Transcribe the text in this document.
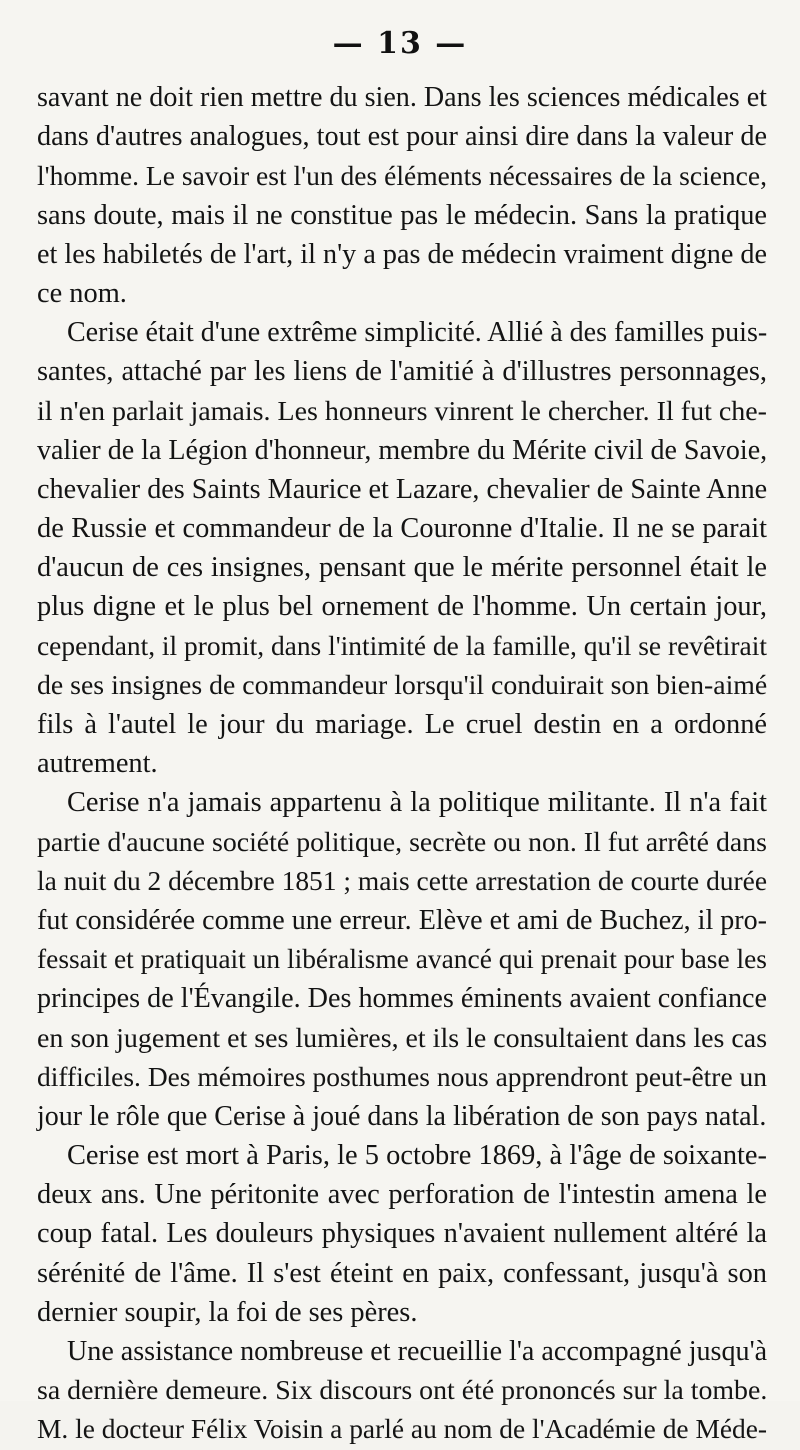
— 13 —
savant ne doit rien mettre du sien. Dans les sciences médicales et
dans d'autres analogues, tout est pour ainsi dire dans la valeur de
l'homme. Le savoir est l'un des éléments nécessaires de la science,
sans doute, mais il ne constitue pas le médecin. Sans la pratique
et les habiletés de l'art, il n'y a pas de médecin vraiment digne de
ce nom.
Cerise était d'une extrême simplicité. Allié à des familles puis-
santes, attaché par les liens de l'amitié à d'illustres personnages,
il n'en parlait jamais. Les honneurs vinrent le chercher. Il fut che-
valier de la Légion d'honneur, membre du Mérite civil de Savoie,
chevalier des Saints Maurice et Lazare, chevalier de Sainte Anne
de Russie et commandeur de la Couronne d'Italie. Il ne se parait
d'aucun de ces insignes, pensant que le mérite personnel était le
plus digne et le plus bel ornement de l'homme. Un certain jour,
cependant, il promit, dans l'intimité de la famille, qu'il se revêtirait
de ses insignes de commandeur lorsqu'il conduirait son bien-aimé
fils à l'autel le jour du mariage. Le cruel destin en a ordonné
autrement.
Cerise n'a jamais appartenu à la politique militante. Il n'a fait
partie d'aucune société politique, secrète ou non. Il fut arrêté dans
la nuit du 2 décembre 1851 ; mais cette arrestation de courte durée
fut considérée comme une erreur. Elève et ami de Buchez, il pro-
fessait et pratiquait un libéralisme avancé qui prenait pour base les
principes de l'Évangile. Des hommes éminents avaient confiance
en son jugement et ses lumières, et ils le consultaient dans les cas
difficiles. Des mémoires posthumes nous apprendront peut-être un
jour le rôle que Cerise à joué dans la libération de son pays natal.
Cerise est mort à Paris, le 5 octobre 1869, à l'âge de soixante-
deux ans. Une péritonite avec perforation de l'intestin amena le
coup fatal. Les douleurs physiques n'avaient nullement altéré la
sérénité de l'âme. Il s'est éteint en paix, confessant, jusqu'à son
dernier soupir, la foi de ses pères.
Une assistance nombreuse et recueillie l'a accompagné jusqu'à
sa dernière demeure. Six discours ont été prononcés sur la tombe.
M. le docteur Félix Voisin a parlé au nom de l'Académie de Méde-
